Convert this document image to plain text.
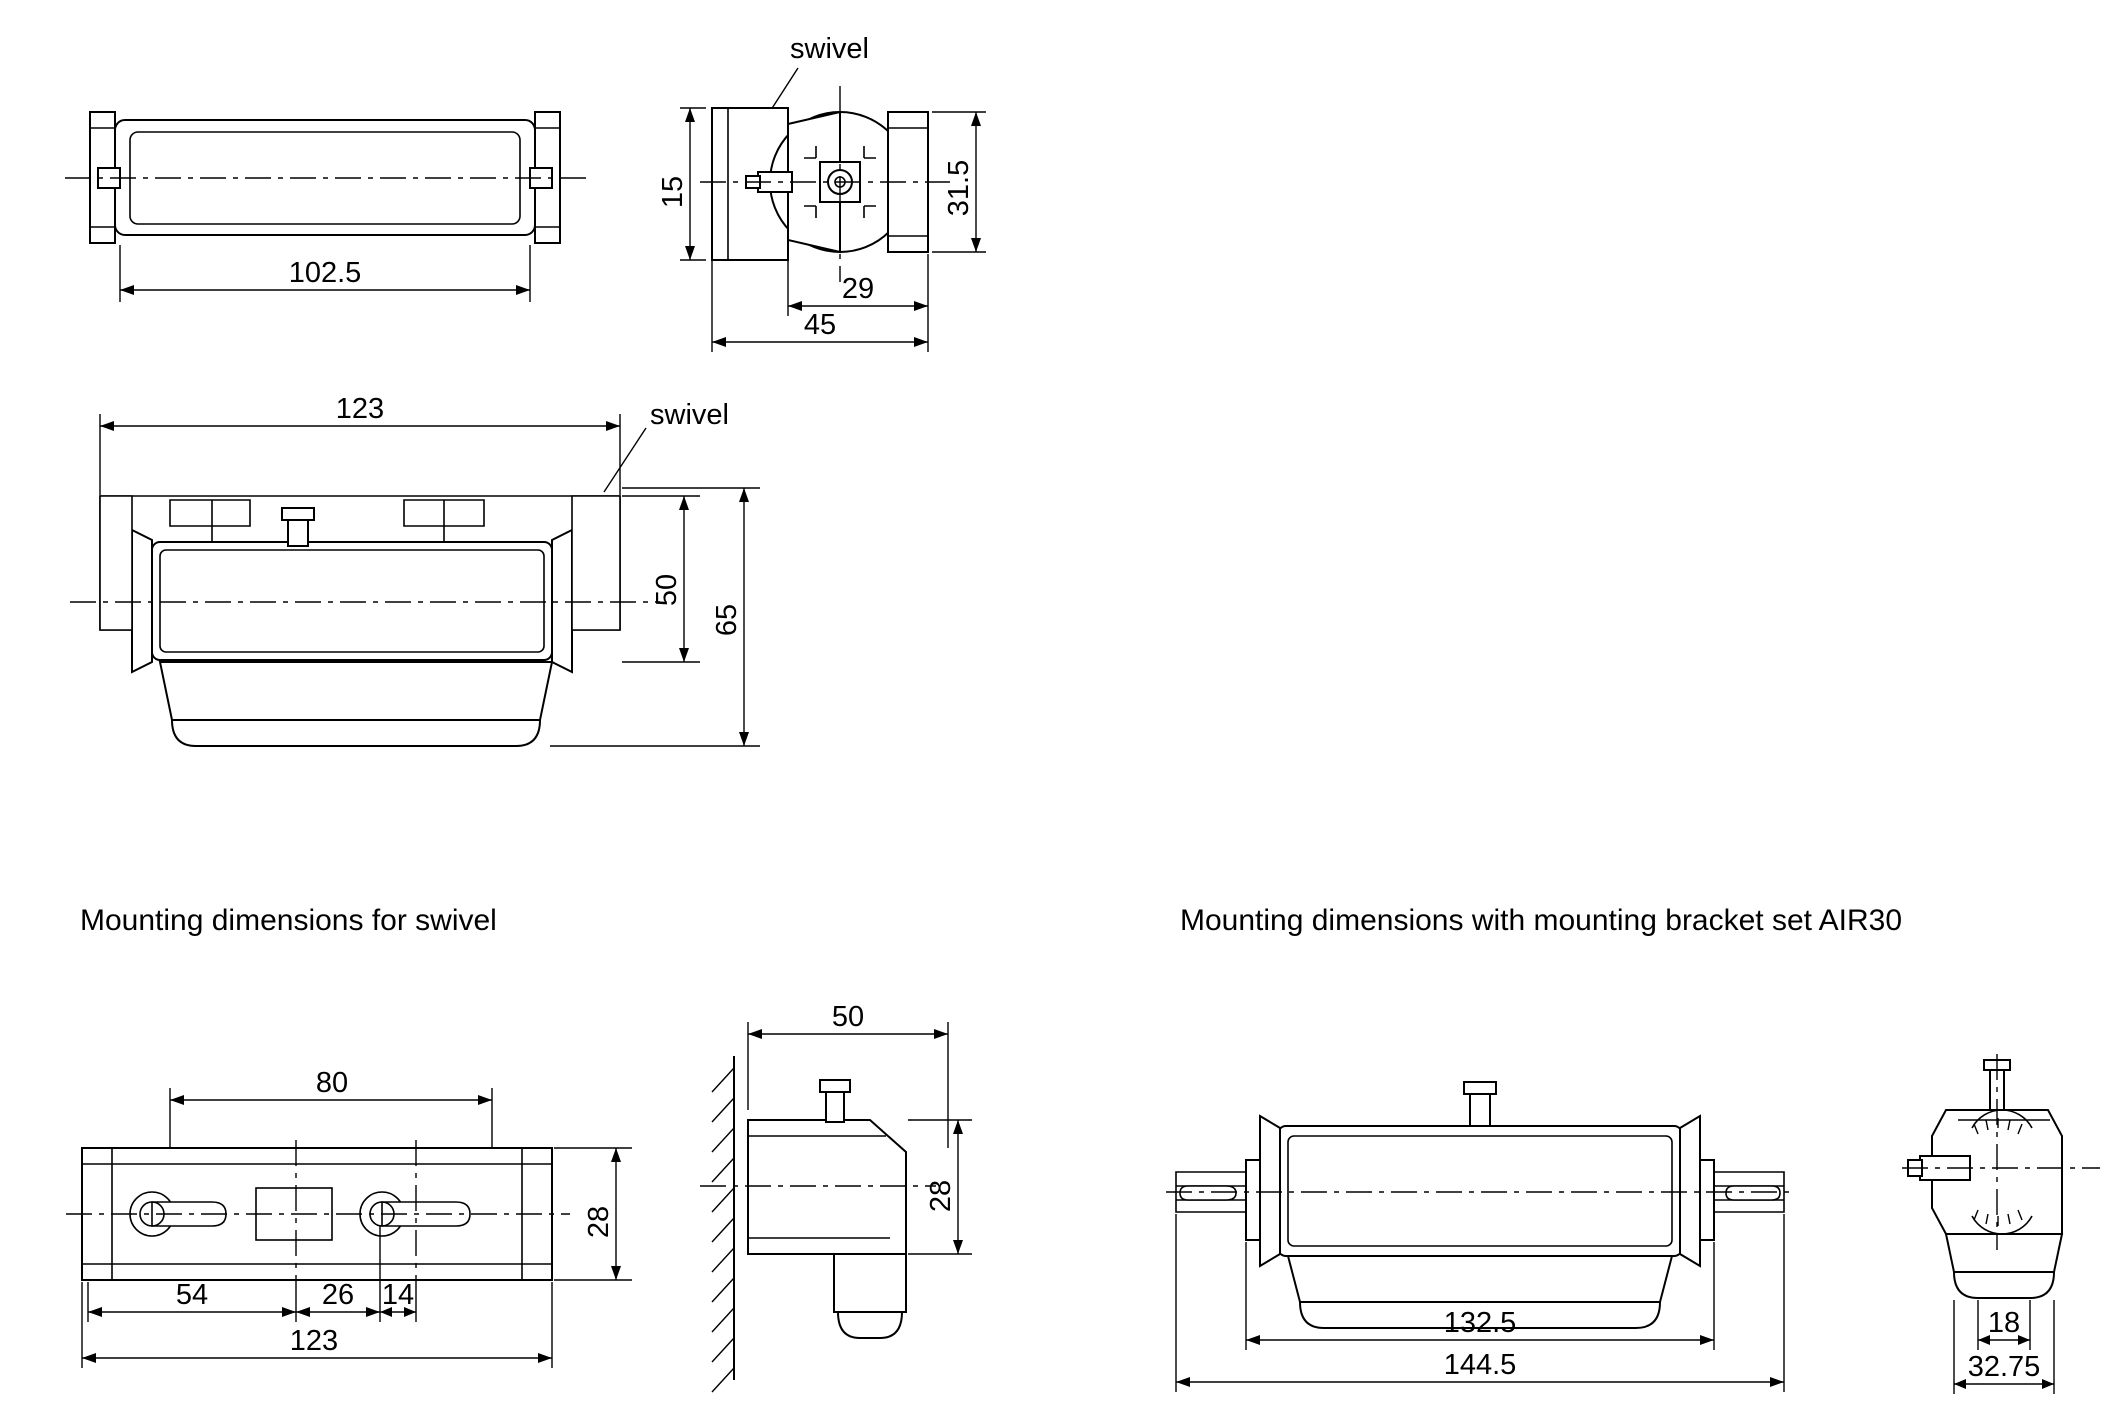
102.5
swivel
15	31.5
29
45
123	swivel
50
65
Mounting dimensions for swivel	Mounting dimensions with mounting bracket set AIR30
80
28
54	26 14
123
50
28
132.5
144.5
18
32.75
